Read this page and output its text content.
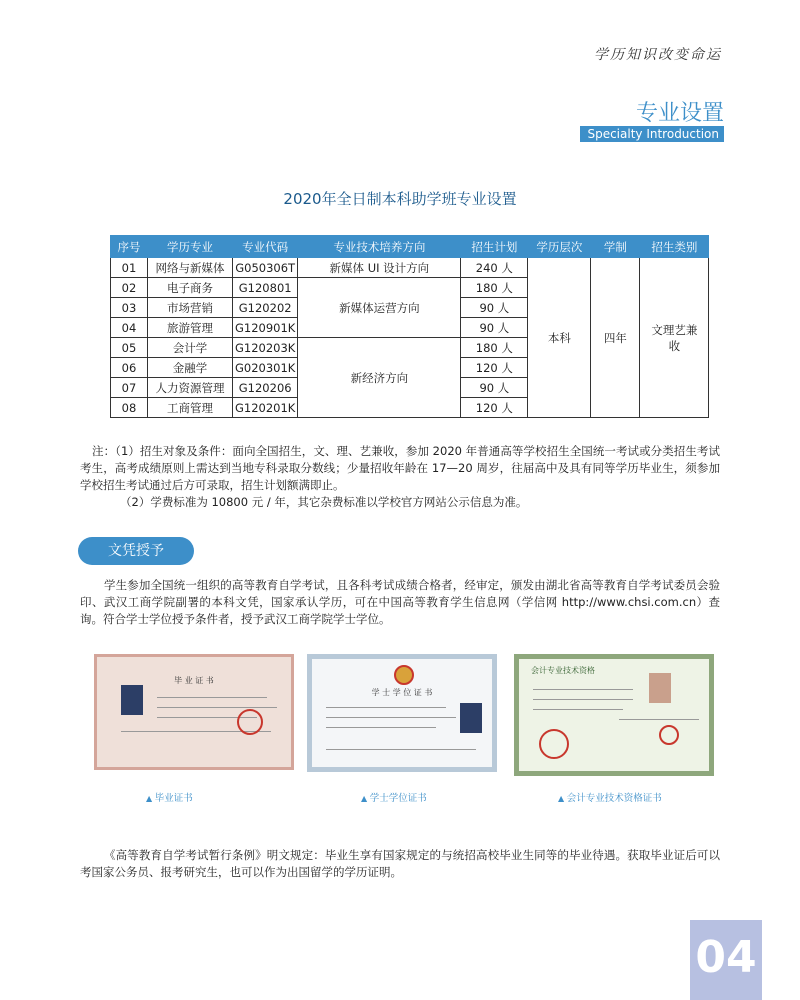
学历知识改变命运
专业设置
Specialty Introduction
2020年全日制本科助学班专业设置
序号	学历专业	专业代码	专业技术培养方向	招生计划	学历层次	学制	招生类别
01	网络与新媒体	G050306T	新媒体 UI 设计方向	240 人	本科	四年	文理艺兼收
02	电子商务	G120801	新媒体运营方向	180 人			
03	市场营销	G120202		90 人			
04	旅游管理	G120901K		90 人			
05	会计学	G120203K	新经济方向	180 人			
06	金融学	G020301K		120 人			
07	人力资源管理	G120206		90 人			
08	工商管理	G120201K		120 人			

注：（1）招生对象及条件：面向全国招生，文、理、艺兼收，参加 2020 年普通高等学校招生全国统一考试或分类招生考试考生，高考成绩原则上需达到当地专科录取分数线；少量招收年龄在 17—20 周岁，往届高中及具有同等学历毕业生，须参加学校招生考试通过后方可录取，招生计划额满即止。

（2）学费标准为 10800 元 / 年，其它杂费标准以学校官方网站公示信息为准。

文凭授予

学生参加全国统一组织的高等教育自学考试，且各科考试成绩合格者，经审定，颁发由湖北省高等教育自学考试委员会验印、武汉工商学院副署的本科文凭，国家承认学历，可在中国高等教育学生信息网（学信网 http://www.chsi.com.cn）查询。符合学士学位授予条件者，授予武汉工商学院学士学位。

毕 业 证 书
学 士 学 位 证 书
会计专业技术资格
▲ 毕业证书	▲ 学士学位证书	▲ 会计专业技术资格证书

《高等教育自学考试暂行条例》明文规定：毕业生享有国家规定的与统招高校毕业生同等的毕业待遇。获取毕业证后可以考国家公务员、报考研究生，也可以作为出国留学的学历证明。

04
